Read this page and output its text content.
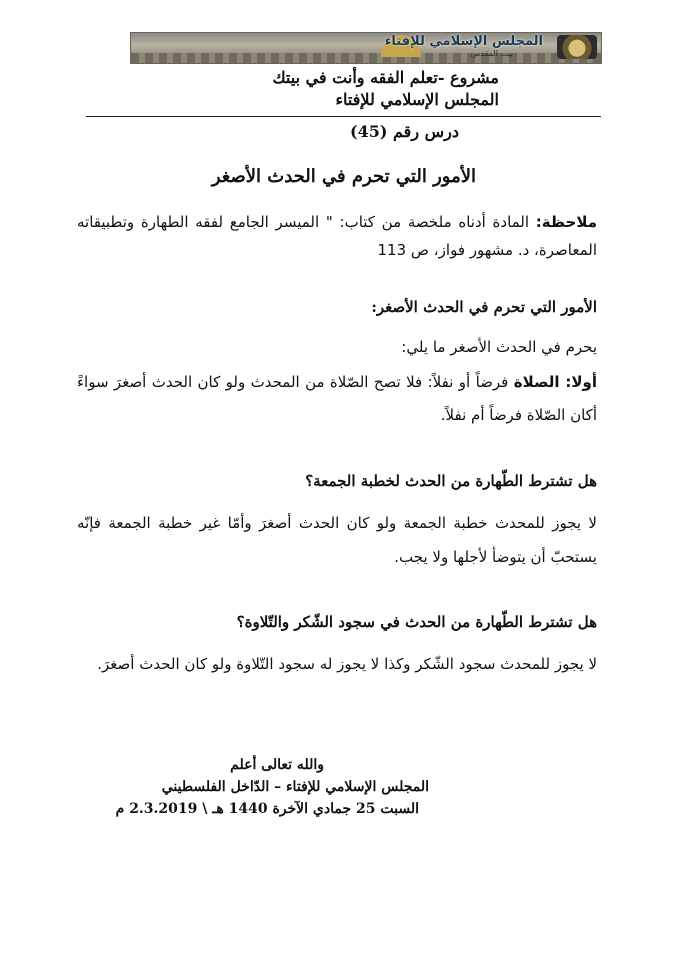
المجلس الإسلامي للإفتاء
بيت المقدس
مشروع -تعلم الفقه وأنت في بيتك
المجلس الإسلامي للإفتاء
درس رقم (45)
الأمور التي تحرم في الحدث الأصغر
ملاحظة: المادة أدناه ملخصة من كتاب: " الميسر الجامع لفقه الطهارة وتطبيقاته المعاصرة، د. مشهور فواز، ص 113
الأمور التي تحرم في الحدث الأصغر:
يحرم في الحدث الأصغر ما يلي:
أولا: الصلاة فرضاً أو نفلاً: فلا تصح الصّلاة من المحدث ولو كان الحدث أصغرَ سواءً أكان الصّلاة فرضاً أم نفلاً.
هل تشترط الطّهارة من الحدث لخطبة الجمعة؟
لا يجوز للمحدث خطبة الجمعة ولو كان الحدث أصغرَ وأمّا غير خطبة الجمعة فإنّه يستحبّ أن يتوضأ لأجلها ولا يجب.
هل تشترط الطّهارة من الحدث في سجود الشّكر والتّلاوة؟
لا يجوز للمحدث سجود الشّكر وكذا لا يجوز له سجود التّلاوة ولو كان الحدث أصغرَ.
والله تعالى أعلم
المجلس الإسلامي للإفتاء – الدّاخل الفلسطيني
السبت 25 جمادي الآخرة 1440 هـ \ 2.3.2019 م
